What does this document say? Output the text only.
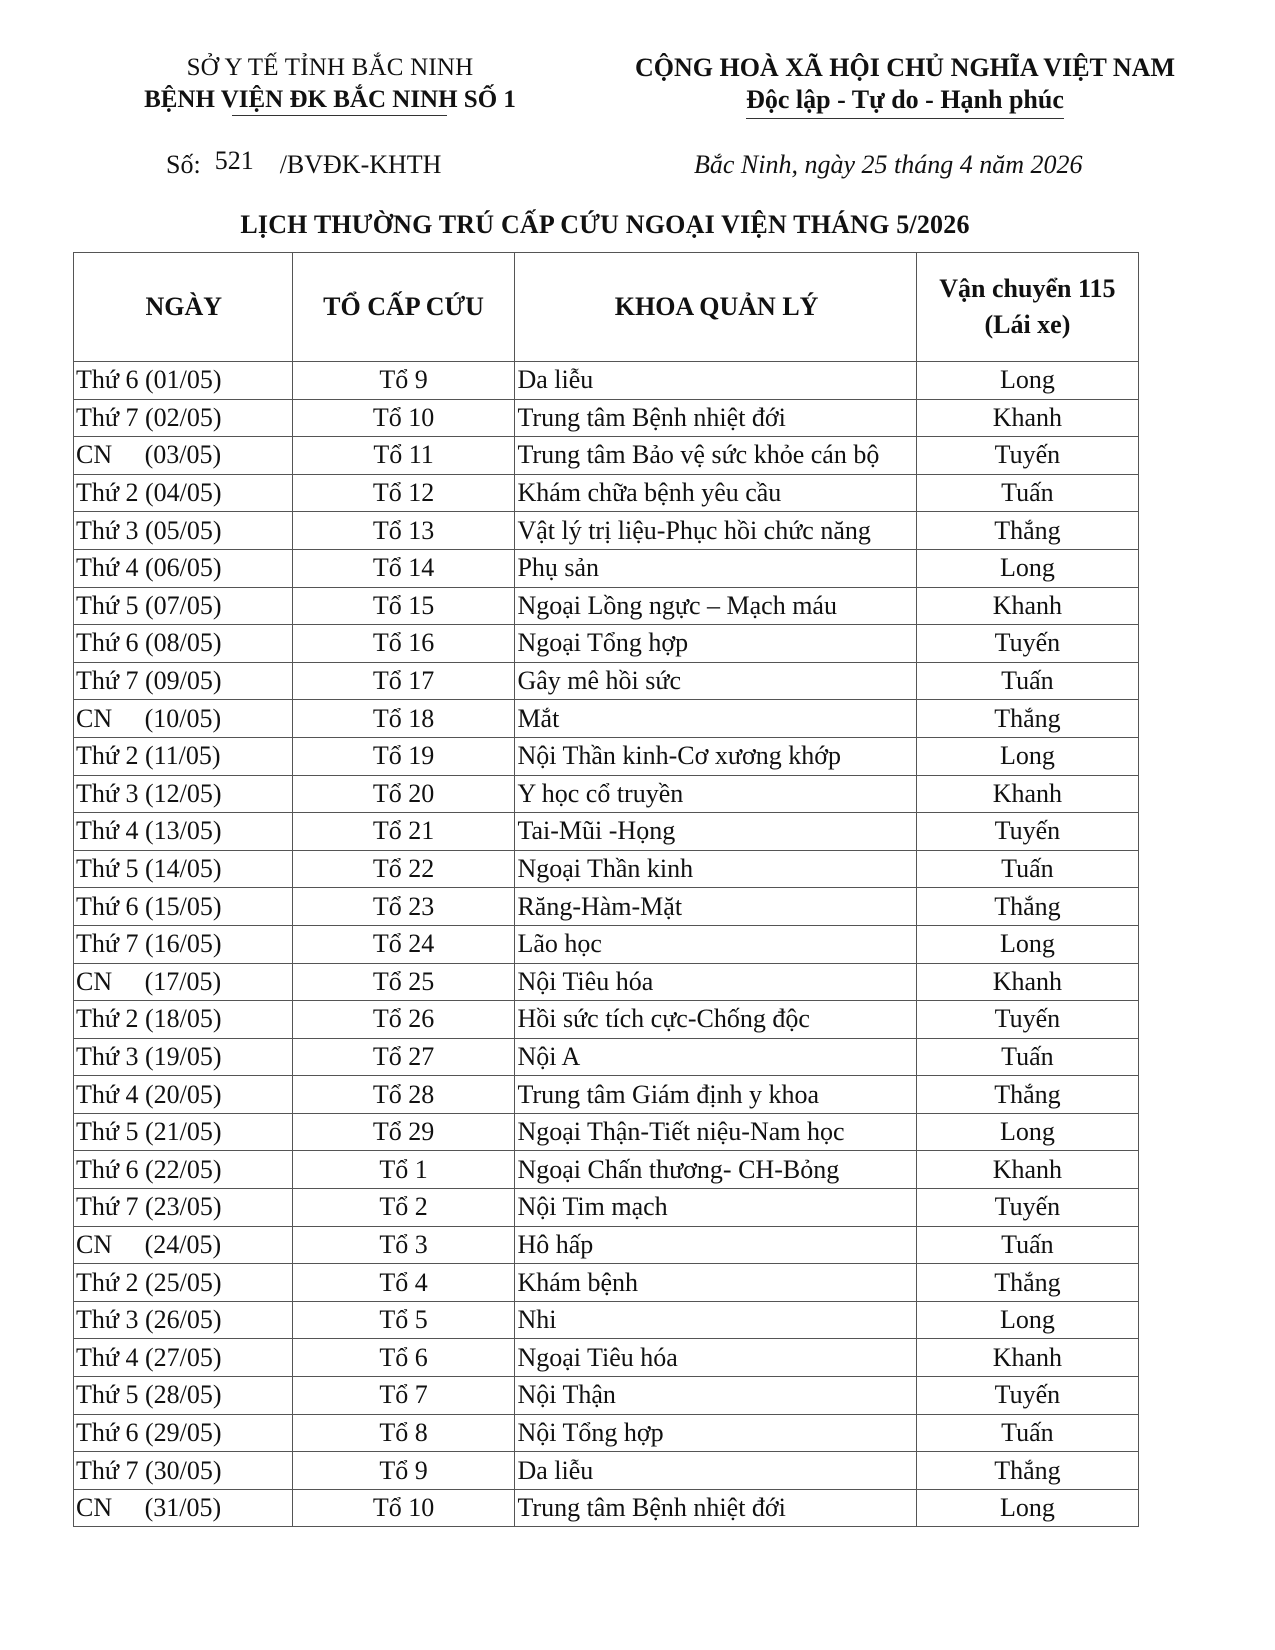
SỞ Y TẾ TỈNH BẮC NINH
BỆNH VIỆN ĐK BẮC NINH SỐ 1
CỘNG HOÀ XÃ HỘI CHỦ NGHĨA VIỆT NAM
Độc lập - Tự do - Hạnh phúc
Số: 521 /BVĐK-KHTH	Bắc Ninh, ngày 25 tháng 4 năm 2026
LỊCH THƯỜNG TRÚ CẤP CỨU NGOẠI VIỆN THÁNG 5/2026
NGÀY	TỔ CẤP CỨU	KHOA QUẢN LÝ	Vận chuyển 115
(Lái xe)

Thứ 6 (01/05)	Tổ 9	Da liễu	Long
Thứ 7 (02/05)	Tổ 10	Trung tâm Bệnh nhiệt đới	Khanh
CN     (03/05)	Tổ 11	Trung tâm Bảo vệ sức khỏe cán bộ	Tuyến
Thứ 2 (04/05)	Tổ 12	Khám chữa bệnh yêu cầu	Tuấn
Thứ 3 (05/05)	Tổ 13	Vật lý trị liệu-Phục hồi chức năng	Thắng
Thứ 4 (06/05)	Tổ 14	Phụ sản	Long
Thứ 5 (07/05)	Tổ 15	Ngoại Lồng ngực – Mạch máu	Khanh
Thứ 6 (08/05)	Tổ 16	Ngoại Tổng hợp	Tuyến
Thứ 7 (09/05)	Tổ 17	Gây mê hồi sức	Tuấn
CN     (10/05)	Tổ 18	Mắt	Thắng
Thứ 2 (11/05)	Tổ 19	Nội Thần kinh-Cơ xương khớp	Long
Thứ 3 (12/05)	Tổ 20	Y học cổ truyền	Khanh
Thứ 4 (13/05)	Tổ 21	Tai-Mũi -Họng	Tuyến
Thứ 5 (14/05)	Tổ 22	Ngoại Thần kinh	Tuấn
Thứ 6 (15/05)	Tổ 23	Răng-Hàm-Mặt	Thắng
Thứ 7 (16/05)	Tổ 24	Lão học	Long
CN     (17/05)	Tổ 25	Nội Tiêu hóa	Khanh
Thứ 2 (18/05)	Tổ 26	Hồi sức tích cực-Chống độc	Tuyến
Thứ 3 (19/05)	Tổ 27	Nội A	Tuấn
Thứ 4 (20/05)	Tổ 28	Trung tâm Giám định y khoa	Thắng
Thứ 5 (21/05)	Tổ 29	Ngoại Thận-Tiết niệu-Nam học	Long
Thứ 6 (22/05)	Tổ 1	Ngoại Chấn thương- CH-Bỏng	Khanh
Thứ 7 (23/05)	Tổ 2	Nội Tim mạch	Tuyến
CN     (24/05)	Tổ 3	Hô hấp	Tuấn
Thứ 2 (25/05)	Tổ 4	Khám bệnh	Thắng
Thứ 3 (26/05)	Tổ 5	Nhi	Long
Thứ 4 (27/05)	Tổ 6	Ngoại Tiêu hóa	Khanh
Thứ 5 (28/05)	Tổ 7	Nội Thận	Tuyến
Thứ 6 (29/05)	Tổ 8	Nội Tổng hợp	Tuấn
Thứ 7 (30/05)	Tổ 9	Da liễu	Thắng
CN     (31/05)	Tổ 10	Trung tâm Bệnh nhiệt đới	Long
